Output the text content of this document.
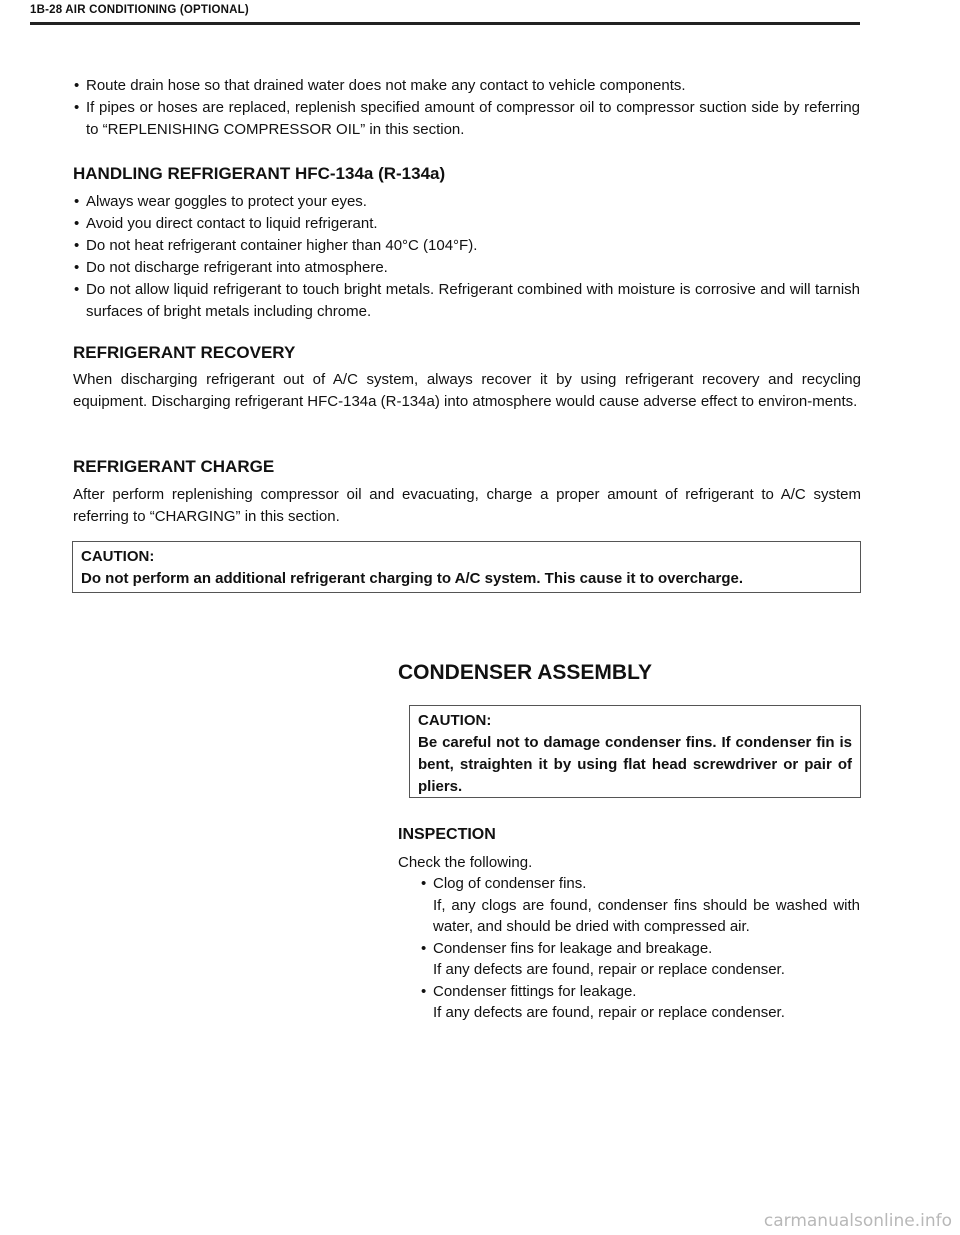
1B-28 AIR CONDITIONING (OPTIONAL)
• Route drain hose so that drained water does not make any contact to vehicle components.
• If pipes or hoses are replaced, replenish specified amount of compressor oil to compressor suction side by referring to “REPLENISHING COMPRESSOR OIL” in this section.
HANDLING REFRIGERANT HFC-134a (R-134a)
• Always wear goggles to protect your eyes.
• Avoid you direct contact to liquid refrigerant.
• Do not heat refrigerant container higher than 40°C (104°F).
• Do not discharge refrigerant into atmosphere.
• Do not allow liquid refrigerant to touch bright metals. Refrigerant combined with moisture is corrosive and will tarnish surfaces of bright metals including chrome.
REFRIGERANT RECOVERY

When discharging refrigerant out of A/C system, always recover it by using refrigerant recovery and recycling equipment. Discharging refrigerant HFC-134a (R-134a) into atmosphere would cause adverse effect to environ-ments.

REFRIGERANT CHARGE

After perform replenishing compressor oil and evacuating, charge a proper amount of refrigerant to A/C system referring to “CHARGING” in this section.

CAUTION:
Do not perform an additional refrigerant charging to A/C system. This cause it to overcharge.
CONDENSER ASSEMBLY
CAUTION:
Be careful not to damage condenser fins. If condenser fin is bent, straighten it by using flat head screwdriver or pair of pliers.
INSPECTION
Check the following.
• Clog of condenser fins.
If, any clogs are found, condenser fins should be washed with water, and should be dried with compressed air.
• Condenser fins for leakage and breakage.
If any defects are found, repair or replace condenser.
• Condenser fittings for leakage.
If any defects are found, repair or replace condenser.
carmanualsonline.info
